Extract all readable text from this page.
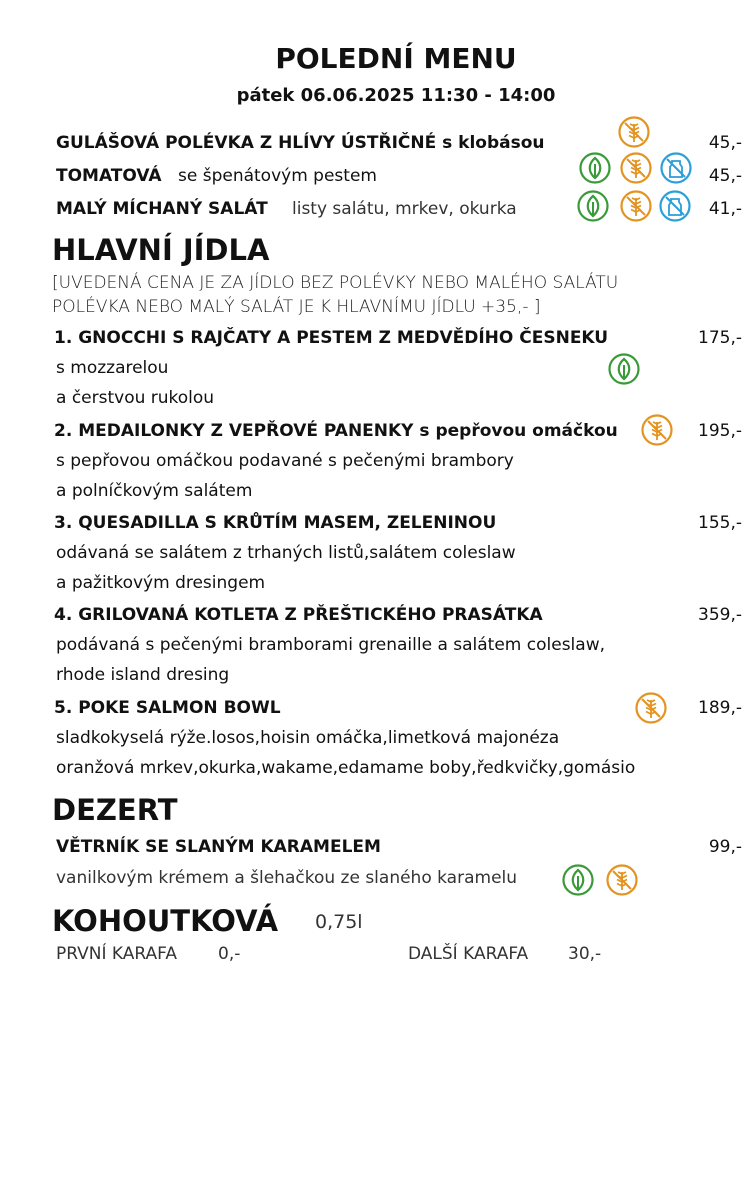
POLEDNÍ MENU
pátek 06.06.2025 11:30 - 14:00
GULÁŠOVÁ POLÉVKA Z HLÍVY ÚSTŘIČNÉ s klobásou	45,-
TOMATOVÁ se špenátovým pestem	45,-
MALÝ MÍCHANÝ SALÁT listy salátu, mrkev, okurka	41,-
HLAVNÍ JÍDLA
[UVEDENÁ CENA JE ZA JÍDLO BEZ POLÉVKY NEBO MALÉHO SALÁTU
POLÉVKA NEBO MALÝ SALÁT JE K HLAVNÍMU JÍDLU +35,- ]
1. GNOCCHI S RAJČATY A PESTEM Z MEDVĚDÍHO ČESNEKU	175,-
s mozzarelou
a čerstvou rukolou
2. MEDAILONKY Z VEPŘOVÉ PANENKY s pepřovou omáčkou	195,-
s pepřovou omáčkou podavané s pečenými brambory
a polníčkovým salátem
3. QUESADILLA S KRŮTÍM MASEM, ZELENINOU	155,-
odávaná se salátem z trhaných listů,salátem coleslaw
a pažitkovým dresingem
4. GRILOVANÁ KOTLETA Z PŘEŠTICKÉHO PRASÁTKA	359,-
podávaná s pečenými bramborami grenaille a salátem coleslaw,
rhode island dresing
5. POKE SALMON BOWL	189,-
sladkokyselá rýže.losos,hoisin omáčka,limetková majonéza
oranžová mrkev,okurka,wakame,edamame boby,ředkvičky,gomásio
DEZERT
VĚTRNÍK SE SLANÝM KARAMELEM	99,-
vanilkovým krémem a šlehačkou ze slaného karamelu
KOHOUTKOVÁ 0,75l
PRVNÍ KARAFA 0,-	DALŠÍ KARAFA 30,-
